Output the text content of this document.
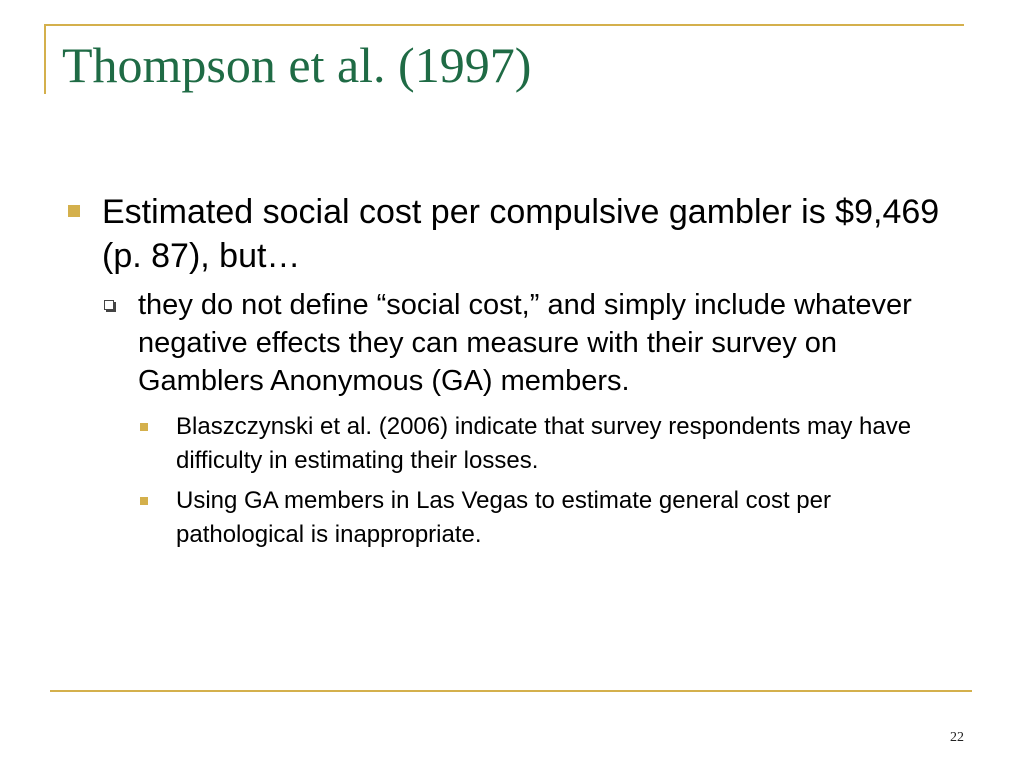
Thompson et al. (1997)
Estimated social cost per compulsive gambler is $9,469 (p. 87), but…
they do not define “social cost,” and simply include whatever negative effects they can measure with their survey on Gamblers Anonymous (GA) members.
Blaszczynski et al. (2006) indicate that survey respondents may have difficulty in estimating their losses.
Using GA members in Las Vegas to estimate general cost per pathological is inappropriate.
22
